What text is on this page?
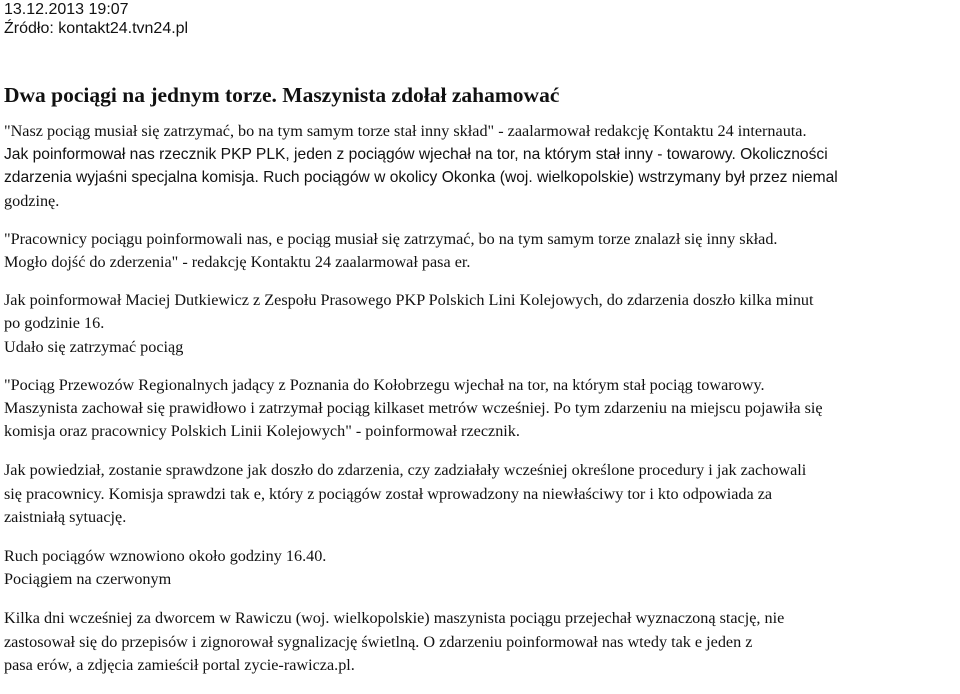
13.12.2013 19:07
Źródło: kontakt24.tvn24.pl
Dwa pociągi na jednym torze. Maszynista zdołał zahamować

"Nasz pociąg musiał się zatrzymać, bo na tym samym torze stał inny skład" - zaalarmował redakcję Kontaktu 24 internauta.
Jak poinformował nas rzecznik PKP PLK, jeden z pociągów wjechał na tor, na którym stał inny - towarowy. Okoliczności
zdarzenia wyjaśni specjalna komisja. Ruch pociągów w okolicy Okonka (woj. wielkopolskie) wstrzymany był przez niemal
godzinę.

"Pracownicy pociągu poinformowali nas, e pociąg musiał się zatrzymać, bo na tym samym torze znalazł się inny skład.
Mogło dojść do zderzenia" - redakcję Kontaktu 24 zaalarmował pasa er.

Jak poinformował Maciej Dutkiewicz z Zespołu Prasowego PKP Polskich Lini Kolejowych, do zdarzenia doszło kilka minut
po godzinie 16.
Udało się zatrzymać pociąg

"Pociąg Przewozów Regionalnych jadący z Poznania do Kołobrzegu wjechał na tor, na którym stał pociąg towarowy.
Maszynista zachował się prawidłowo i zatrzymał pociąg kilkaset metrów wcześniej. Po tym zdarzeniu na miejscu pojawiła się
komisja oraz pracownicy Polskich Linii Kolejowych" - poinformował rzecznik.

Jak powiedział, zostanie sprawdzone jak doszło do zdarzenia, czy zadziałały wcześniej określone procedury i jak zachowali
się pracownicy. Komisja sprawdzi tak e, który z pociągów został wprowadzony na niewłaściwy tor i kto odpowiada za
zaistniałą sytuację.

Ruch pociągów wznowiono około godziny 16.40.
Pociągiem na czerwonym

Kilka dni wcześniej za dworcem w Rawiczu (woj. wielkopolskie) maszynista pociągu przejechał wyznaczoną stację, nie
zastosował się do przepisów i zignorował sygnalizację świetlną. O zdarzeniu poinformował nas wtedy tak e jeden z
pasa erów, a zdjęcia zamieścił portal zycie-rawicza.pl.
